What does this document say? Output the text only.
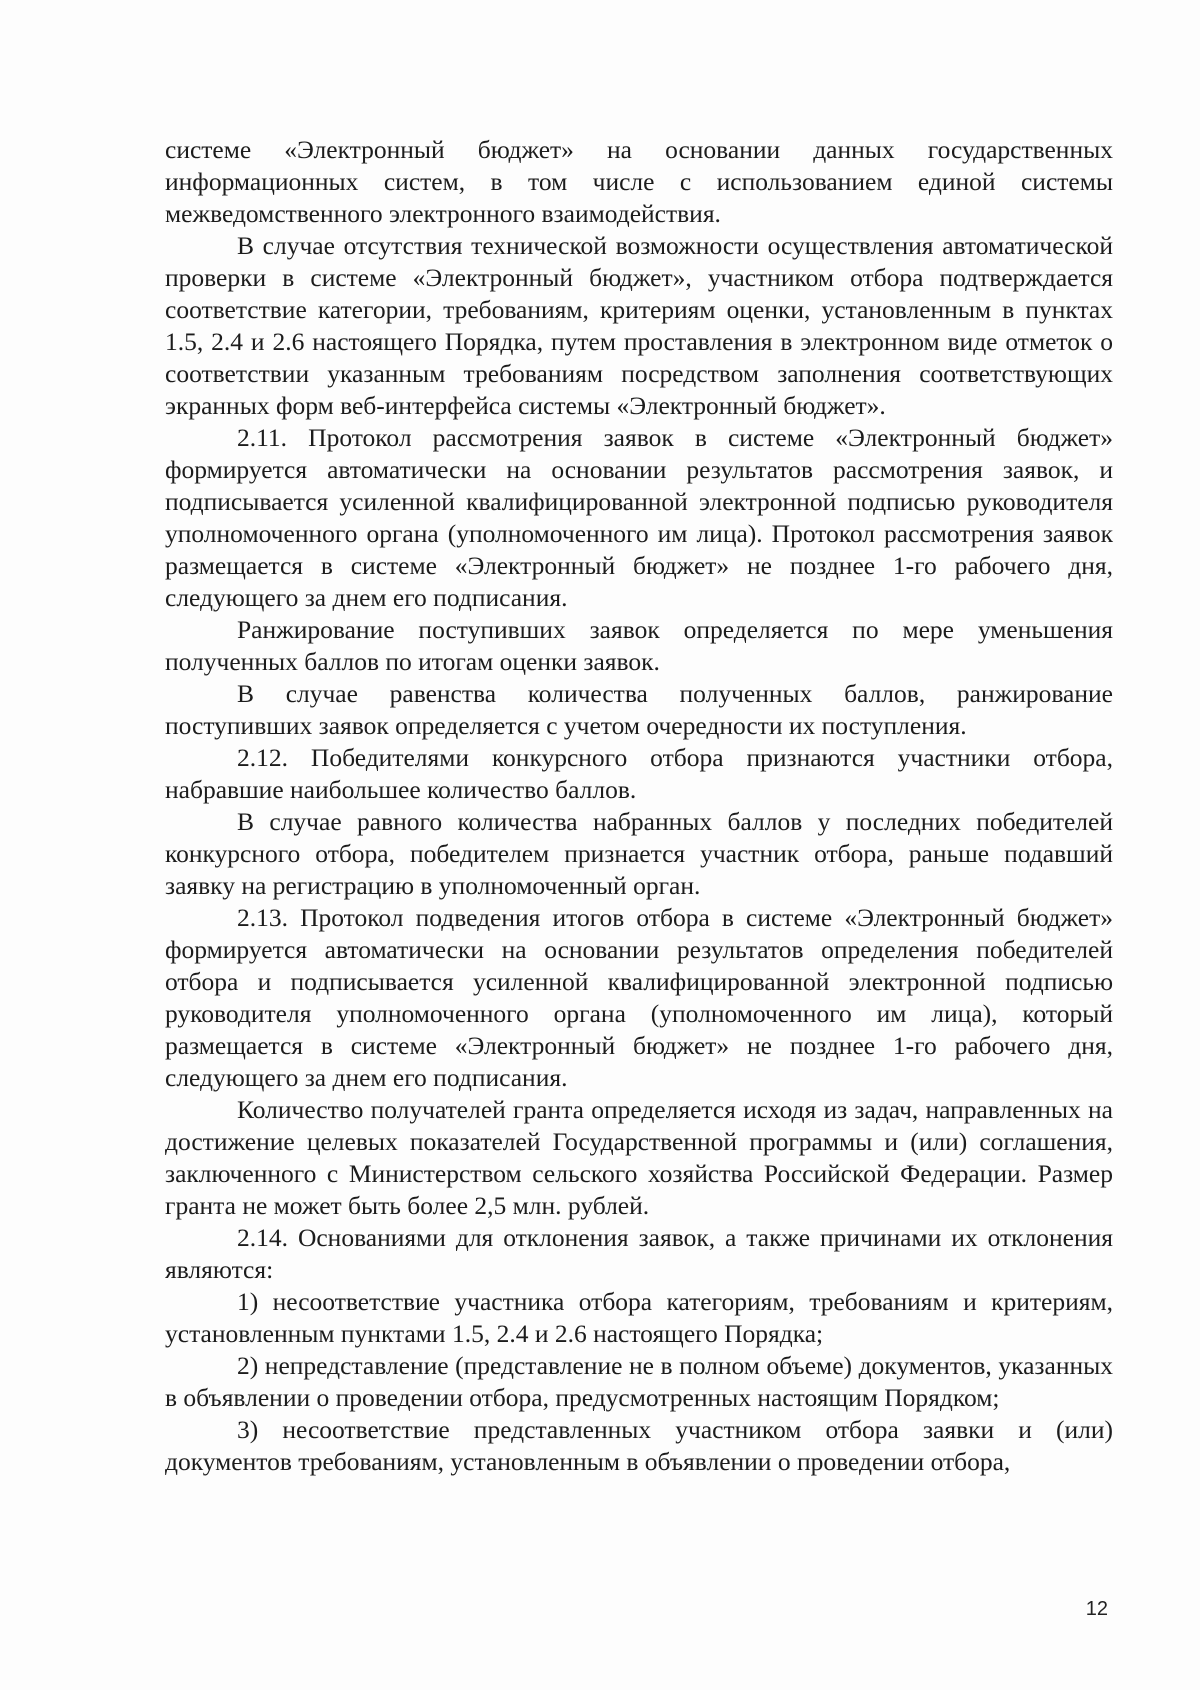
системе «Электронный бюджет» на основании данных государственных информационных систем, в том числе с использованием единой системы межведомственного электронного взаимодействия.

В случае отсутствия технической возможности осуществления автоматической проверки в системе «Электронный бюджет», участником отбора подтверждается соответствие категории, требованиям, критериям оценки, установленным в пунктах 1.5, 2.4 и 2.6 настоящего Порядка, путем проставления в электронном виде отметок о соответствии указанным требованиям посредством заполнения соответствующих экранных форм веб-интерфейса системы «Электронный бюджет».

2.11. Протокол рассмотрения заявок в системе «Электронный бюджет» формируется автоматически на основании результатов рассмотрения заявок, и подписывается усиленной квалифицированной электронной подписью руководителя уполномоченного органа (уполномоченного им лица). Протокол рассмотрения заявок размещается в системе «Электронный бюджет» не позднее 1-го рабочего дня, следующего за днем его подписания.

Ранжирование поступивших заявок определяется по мере уменьшения полученных баллов по итогам оценки заявок.

В случае равенства количества полученных баллов, ранжирование поступивших заявок определяется с учетом очередности их поступления.

2.12. Победителями конкурсного отбора признаются участники отбора, набравшие наибольшее количество баллов.

В случае равного количества набранных баллов у последних победителей конкурсного отбора, победителем признается участник отбора, раньше подавший заявку на регистрацию в уполномоченный орган.

2.13. Протокол подведения итогов отбора в системе «Электронный бюджет» формируется автоматически на основании результатов определения победителей отбора и подписывается усиленной квалифицированной электронной подписью руководителя уполномоченного органа (уполномоченного им лица), который размещается в системе «Электронный бюджет» не позднее 1-го рабочего дня, следующего за днем его подписания.

Количество получателей гранта определяется исходя из задач, направленных на достижение целевых показателей Государственной программы и (или) соглашения, заключенного с Министерством сельского хозяйства Российской Федерации. Размер гранта не может быть более 2,5 млн. рублей.

2.14. Основаниями для отклонения заявок, а также причинами их отклонения являются:

1) несоответствие участника отбора категориям, требованиям и критериям, установленным пунктами 1.5, 2.4 и 2.6 настоящего Порядка;

2) непредставление (представление не в полном объеме) документов, указанных в объявлении о проведении отбора, предусмотренных настоящим Порядком;

3) несоответствие представленных участником отбора заявки и (или) документов требованиям, установленным в объявлении о проведении отбора,

12
